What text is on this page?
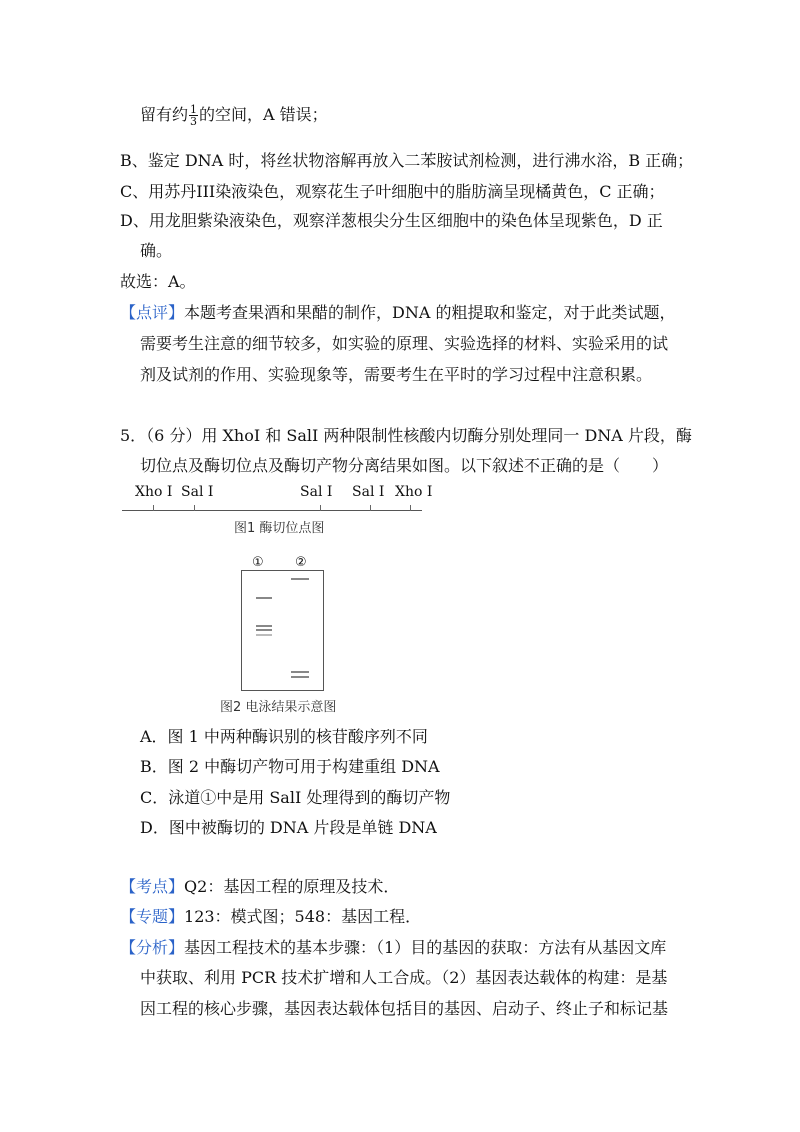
留有约 $\frac{1}{3}$ 的空间，A 错误；
B、鉴定 DNA 时，将丝状物溶解再放入二苯胺试剂检测，进行沸水浴，B 正确；
C、用苏丹III染液染色，观察花生子叶细胞中的脂肪滴呈现橘黄色，C 正确；
D、用龙胆紫染液染色，观察洋葱根尖分生区细胞中的染色体呈现紫色，D 正
确。
故选：A。
【点评】本题考查果酒和果醋的制作，DNA 的粗提取和鉴定，对于此类试题，
需要考生注意的细节较多，如实验的原理、实验选择的材料、实验采用的试
剂及试剂的作用、实验现象等，需要考生在平时的学习过程中注意积累。
5．（6 分）用 XhoI 和 SalI 两种限制性核酸内切酶分别处理同一 DNA 片段，酶
切位点及酶切位点及酶切产物分离结果如图。以下叙述不正确的是（　　）
Xho Ⅰ Sal Ⅰ	Sal Ⅰ Sal Ⅰ Xho Ⅰ
图1 酶切位点图
① ②
图2 电泳结果示意图
A．图 1 中两种酶识别的核苷酸序列不同
B．图 2 中酶切产物可用于构建重组 DNA
C．泳道①中是用 SalI 处理得到的酶切产物
D．图中被酶切的 DNA 片段是单链 DNA
【考点】Q2：基因工程的原理及技术．
【专题】123：模式图；548：基因工程．
【分析】基因工程技术的基本步骤：（1）目的基因的获取：方法有从基因文库
中获取、利用 PCR 技术扩增和人工合成。（2）基因表达载体的构建：是基
因工程的核心步骤，基因表达载体包括目的基因、启动子、终止子和标记基
